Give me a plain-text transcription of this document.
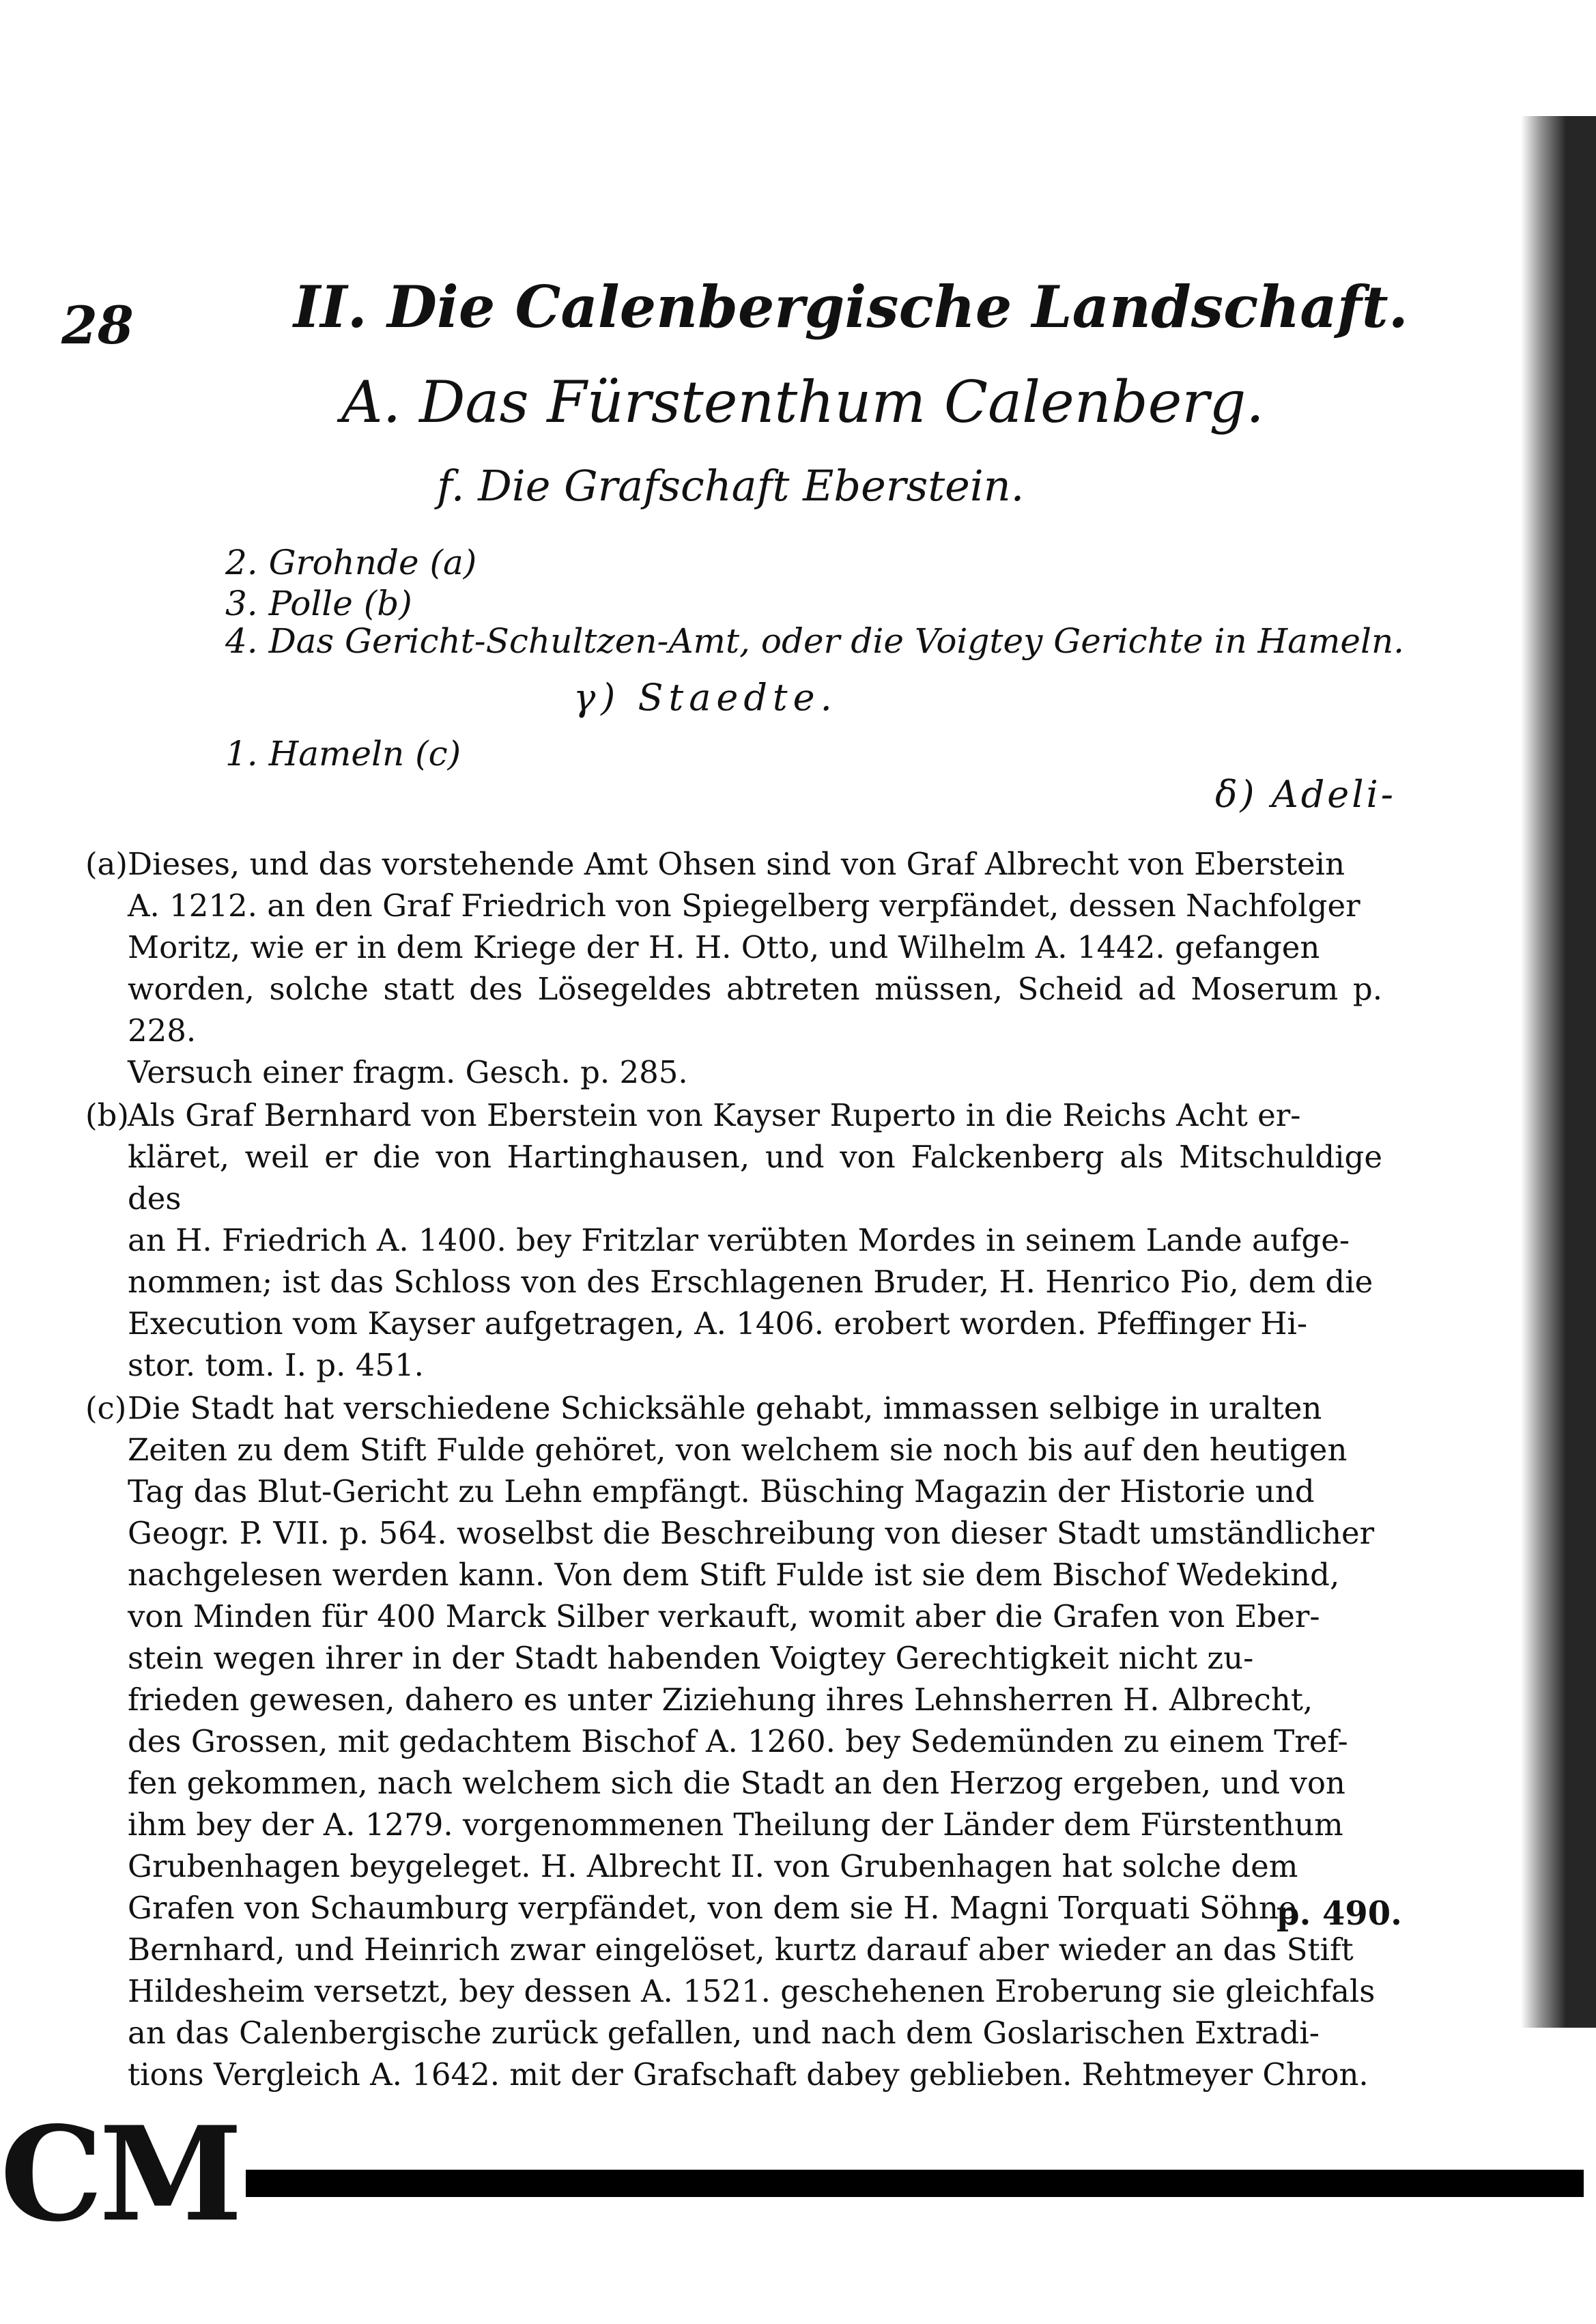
CM
28	II. Die Calenbergische Landschaft.
A. Das Fürstenthum Calenberg.
f. Die Grafschaft Eberstein.
2. Grohnde (a)
3. Polle (b)
4. Das Gericht-Schultzen-Amt, oder die Voigtey Gerichte in Hameln.
γ) Staedte.
1. Hameln (c)
δ) Adeli-
(a)Dieses, und das vorstehende Amt Ohsen sind von Graf Albrecht von Eberstein
A. 1212. an den Graf Friedrich von Spiegelberg verpfändet, dessen Nachfolger
Moritz, wie er in dem Kriege der H. H. Otto, und Wilhelm A. 1442. gefangen
worden, solche statt des Lösegeldes abtreten müssen, Scheid ad Moserum p. 228.
Versuch einer fragm. Gesch. p. 285.
(b)Als Graf Bernhard von Eberstein von Kayser Ruperto in die Reichs Acht er-
kläret, weil er die von Hartinghausen, und von Falckenberg als Mitschuldige des
an H. Friedrich A. 1400. bey Fritzlar verübten Mordes in seinem Lande aufge-
nommen; ist das Schloss von des Erschlagenen Bruder, H. Henrico Pio, dem die
Execution vom Kayser aufgetragen, A. 1406. erobert worden. Pfeffinger Hi-
stor. tom. I. p. 451.
(c)Die Stadt hat verschiedene Schicksähle gehabt, immassen selbige in uralten
Zeiten zu dem Stift Fulde gehöret, von welchem sie noch bis auf den heutigen
Tag das Blut-Gericht zu Lehn empfängt. Büsching Magazin der Historie und
Geogr. P. VII. p. 564. woselbst die Beschreibung von dieser Stadt umständlicher
nachgelesen werden kann. Von dem Stift Fulde ist sie dem Bischof Wedekind,
von Minden für 400 Marck Silber verkauft, womit aber die Grafen von Eber-
stein wegen ihrer in der Stadt habenden Voigtey Gerechtigkeit nicht zu-
frieden gewesen, dahero es unter Ziziehung ihres Lehnsherren H. Albrecht,
des Grossen, mit gedachtem Bischof A. 1260. bey Sedemünden zu einem Tref-
fen gekommen, nach welchem sich die Stadt an den Herzog ergeben, und von
ihm bey der A. 1279. vorgenommenen Theilung der Länder dem Fürstenthum
Grubenhagen beygeleget. H. Albrecht II. von Grubenhagen hat solche dem
Grafen von Schaumburg verpfändet, von dem sie H. Magni Torquati Söhne
Bernhard, und Heinrich zwar eingelöset, kurtz darauf aber wieder an das Stift
Hildesheim versetzt, bey dessen A. 1521. geschehenen Eroberung sie gleichfals
an das Calenbergische zurück gefallen, und nach dem Goslarischen Extradi-
tions Vergleich A. 1642. mit der Grafschaft dabey geblieben. Rehtmeyer Chron.
p. 490.
